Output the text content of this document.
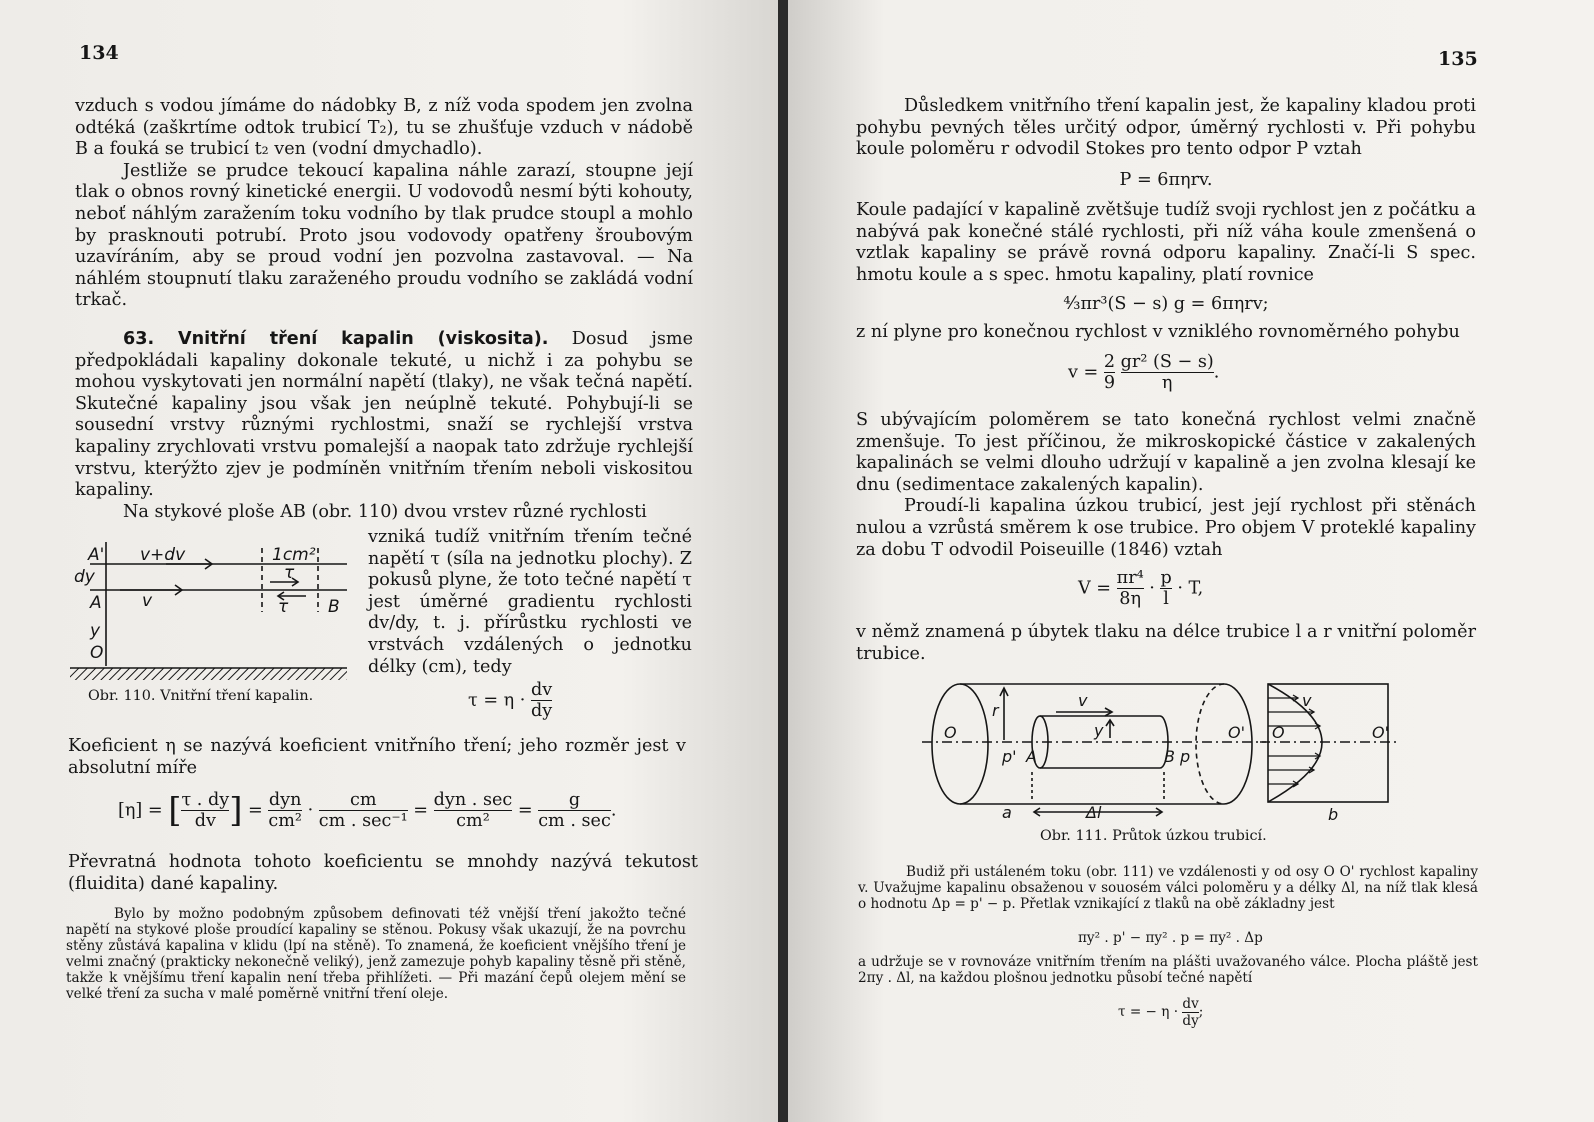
134

vzduch s vodou jímáme do nádobky B, z níž voda spodem jen zvolna odtéká (zaškrtíme odtok trubicí T₂), tu se zhušťuje vzduch v nádobě B a fouká se trubicí t₂ ven (vodní dmychadlo).

Jestliže se prudce tekoucí kapalina náhle zarazí, stoupne její tlak o obnos rovný kinetické energii. U vodovodů nesmí býti kohouty, neboť náhlým zaražením toku vodního by tlak prudce stoupl a mohlo by prasknouti potrubí. Proto jsou vodovody opatřeny šroubovým uzavíráním, aby se proud vodní jen pozvolna zastavoval. — Na náhlém stoupnutí tlaku zaraženého proudu vodního se zakládá vodní trkač.

63. Vnitřní tření kapalin (viskosita). Dosud jsme předpokládali kapaliny dokonale tekuté, u nichž i za pohybu se mohou vyskytovati jen normální napětí (tlaky), ne však tečná napětí. Skutečné kapaliny jsou však jen neúplně tekuté. Pohybují-li se sousední vrstvy různými rychlostmi, snaží se rychlejší vrstva kapaliny zrychlovati vrstvu pomalejší a naopak tato zdržuje rychlejší vrstvu, kterýžto zjev je podmíněn vnitřním třením neboli viskositou kapaliny.

Na stykové ploše AB (obr. 110) dvou vrstev různé rychlosti

A'
dy
A
y
O
v+dv
v
1cm²
τ
τ B
Obr. 110. Vnitřní tření kapalin.
vzniká tudíž vnitřním třením tečné napětí τ (síla na jednotku plochy). Z pokusů plyne, že toto tečné napětí τ jest úměrné gradientu rychlosti dv/dy, t. j. přírůstku rychlosti ve vrstvách vzdálených o jednotku délky (cm), tedy
$\tau = \eta \cdot \frac{dv}{dy}$
Koeficient η se nazývá koeficient vnitřního tření; jeho rozměr jest v absolutní míře
[η] = [ $\frac{\tau . dy}{dv}$ ] = $\frac{\text{dyn}}{\text{cm²}} \cdot \frac{cm}{\text{cm . sec⁻¹}} = \frac{\text{dyn . sec}}{\text{cm²}} = \frac{g}{cm . \sec}$ .
Převratná hodnota tohoto koeficientu se mnohdy nazývá tekutost (fluidita) dané kapaliny.

Bylo by možno podobným způsobem definovati též vnější tření jakožto tečné napětí na stykové ploše proudící kapaliny se stěnou. Pokusy však ukazují, že na povrchu stěny zůstává kapalina v klidu (lpí na stěně). To znamená, že koeficient vnějšího tření je velmi značný (prakticky nekonečně veliký), jenž zamezuje pohyb kapaliny těsně při stěně, takže k vnějšímu tření kapalin není třeba přihlížeti. — Při mazání čepů olejem mění se velké tření za sucha v malé poměrně vnitřní tření oleje.

135

Důsledkem vnitřního tření kapalin jest, že kapaliny kladou proti pohybu pevných těles určitý odpor, úměrný rychlosti v. Při pohybu koule poloměru r odvodil Stokes pro tento odpor P vztah

P = 6πηrv.
Koule padající v kapalině zvětšuje tudíž svoji rychlost jen z počátku a nabývá pak konečné stálé rychlosti, při níž váha koule zmenšená o vztlak kapaliny se právě rovná odporu kapaliny. Značí-li S spec. hmotu koule a s spec. hmotu kapaliny, platí rovnice
⁴⁄₃πr³(S − s) g = 6πηrv;
z ní plyne pro konečnou rychlost v vzniklého rovnoměrného pohybu
$v = \frac{2}{9}$
$\frac{\text{gr² (S − s)}}{\eta}$ .

S ubývajícím poloměrem se tato konečná rychlost velmi značně zmenšuje. To jest příčinou, že mikroskopické částice v zakalených kapalinách se velmi dlouho udržují v kapalině a jen zvolna klesají ke dnu (sedimentace zakalených kapalin).

Proudí-li kapalina úzkou trubicí, jest její rychlost při stěnách nulou a vzrůstá směrem k ose trubice. Pro objem V proteklé kapaliny za dobu T odvodil Poiseuille (1846) vztah

$V = \frac{\text{πr⁴}}{8\eta} \cdot \frac{p}{l} \cdot T$,
v němž znamená p úbytek tlaku na délce trubice l a r vnitřní poloměr trubice.
O
r
v
y
p' A	B p
O' O
v
O'
a	Δl	b
Obr. 111. Průtok úzkou trubicí.

Budiž při ustáleném toku (obr. 111) ve vzdálenosti y od osy O O' rychlost kapaliny v. Uvažujme kapalinu obsaženou v souosém válci poloměru y a délky Δl, na níž tlak klesá o hodnotu Δp = p' − p. Přetlak vznikající z tlaků na obě základny jest

πy² . p' − πy² . p = πy² . Δp
a udržuje se v rovnováze vnitřním třením na plášti uvažovaného válce. Plocha pláště jest 2πy . Δl, na každou plošnou jednotku působí tečné napětí
τ = − $\eta \cdot \frac{dv}{dy}$ ;
